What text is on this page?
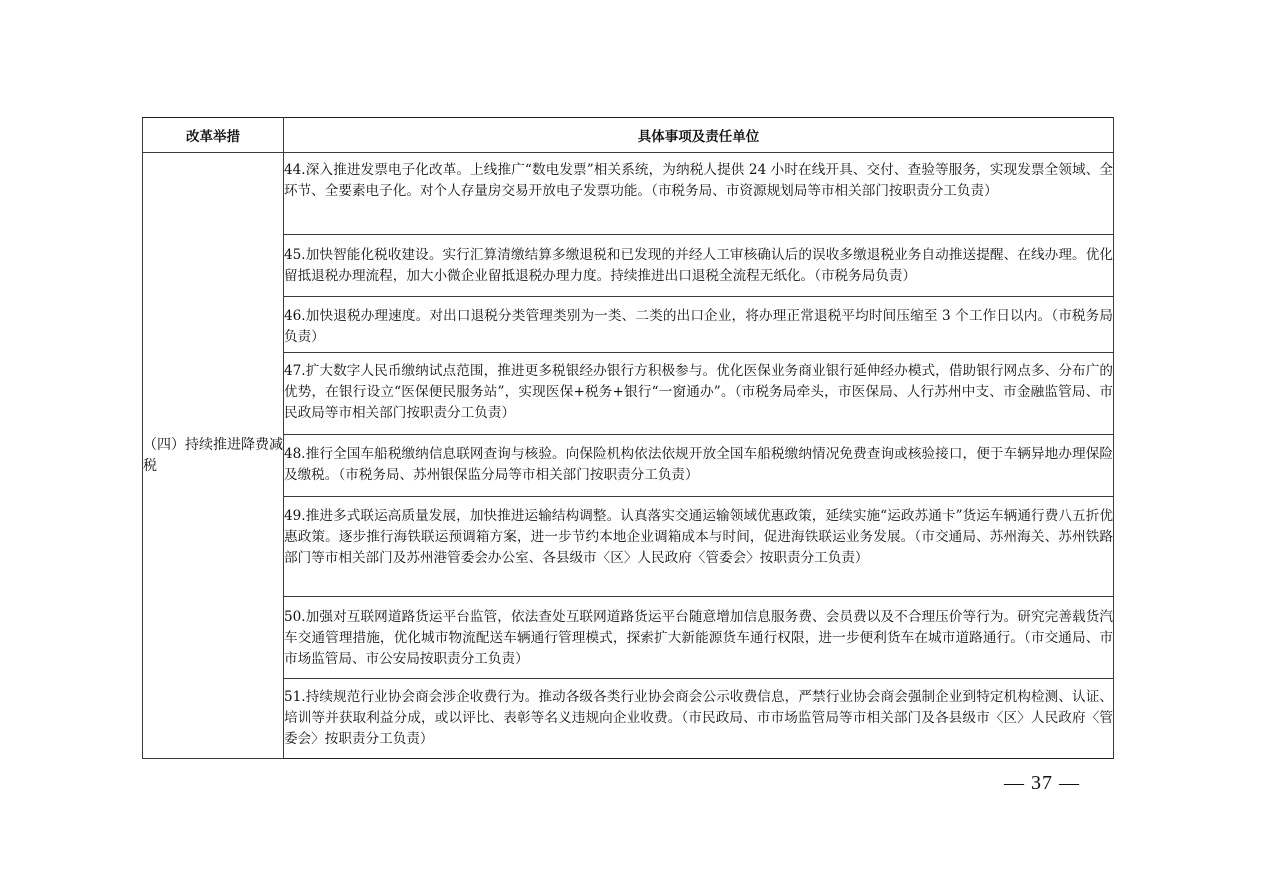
改革举措	具体事项及责任单位
（四）持续推进降费减税	44.深入推进发票电子化改革。上线推广“数电发票”相关系统，为纳税人提供 24 小时在线开具、交付、查验等服务，实现发票全领域、全环节、全要素电子化。对个人存量房交易开放电子发票功能。（市税务局、市资源规划局等市相关部门按职责分工负责）
	45.加快智能化税收建设。实行汇算清缴结算多缴退税和已发现的并经人工审核确认后的误收多缴退税业务自动推送提醒、在线办理。优化留抵退税办理流程，加大小微企业留抵退税办理力度。持续推进出口退税全流程无纸化。（市税务局负责）
	46.加快退税办理速度。对出口退税分类管理类别为一类、二类的出口企业，将办理正常退税平均时间压缩至 3 个工作日以内。（市税务局负责）
	47.扩大数字人民币缴纳试点范围，推进更多税银经办银行方积极参与。优化医保业务商业银行延伸经办模式，借助银行网点多、分布广的优势，在银行设立“医保便民服务站”，实现医保+税务+银行“一窗通办”。（市税务局牵头，市医保局、人行苏州中支、市金融监管局、市民政局等市相关部门按职责分工负责）
	48.推行全国车船税缴纳信息联网查询与核验。向保险机构依法依规开放全国车船税缴纳情况免费查询或核验接口，便于车辆异地办理保险及缴税。（市税务局、苏州银保监分局等市相关部门按职责分工负责）
	49.推进多式联运高质量发展，加快推进运输结构调整。认真落实交通运输领域优惠政策，延续实施“运政苏通卡”货运车辆通行费八五折优惠政策。逐步推行海铁联运预调箱方案，进一步节约本地企业调箱成本与时间，促进海铁联运业务发展。（市交通局、苏州海关、苏州铁路部门等市相关部门及苏州港管委会办公室、各县级市〈区〉人民政府〈管委会〉按职责分工负责）
	50.加强对互联网道路货运平台监管，依法查处互联网道路货运平台随意增加信息服务费、会员费以及不合理压价等行为。研究完善载货汽车交通管理措施，优化城市物流配送车辆通行管理模式，探索扩大新能源货车通行权限，进一步便利货车在城市道路通行。（市交通局、市市场监管局、市公安局按职责分工负责）
	51.持续规范行业协会商会涉企收费行为。推动各级各类行业协会商会公示收费信息，严禁行业协会商会强制企业到特定机构检测、认证、培训等并获取利益分成，或以评比、表彰等名义违规向企业收费。（市民政局、市市场监管局等市相关部门及各县级市〈区〉人民政府〈管委会〉按职责分工负责）
— 37 —
